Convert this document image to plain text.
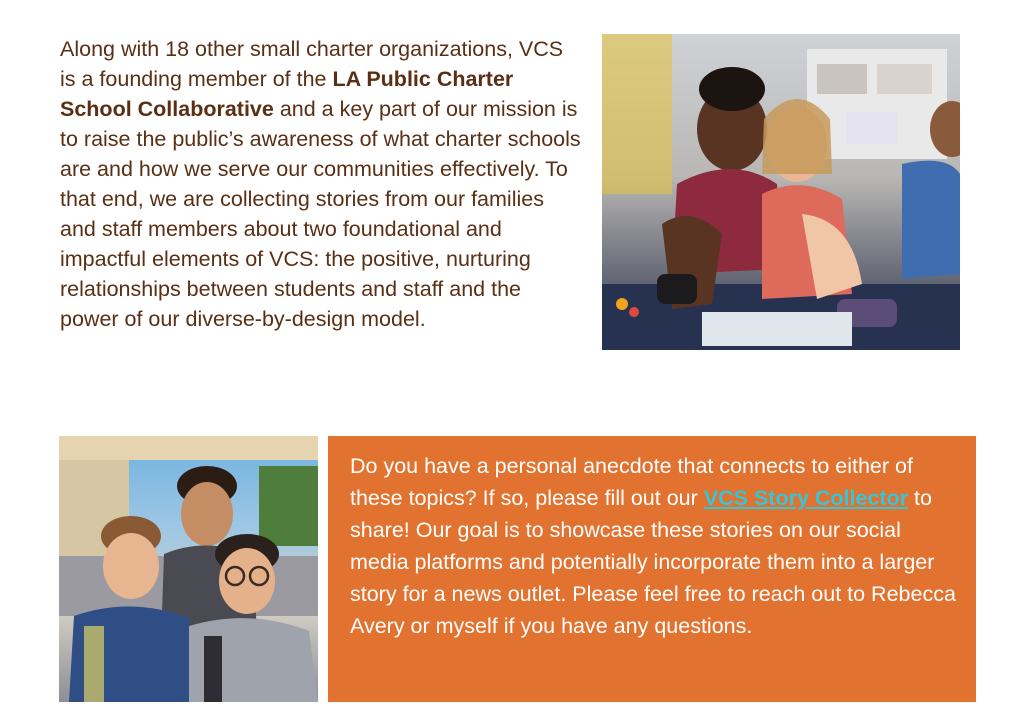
Along with 18 other small charter organizations, VCS is a founding member of the LA Public Charter School Collaborative and a key part of our mission is to raise the public’s awareness of what charter schools are and how we serve our communities effectively. To that end, we are collecting stories from our families and staff members about two foundational and impactful elements of VCS: the positive, nurturing relationships between students and staff and the power of our diverse-by-design model.
Do you have a personal anecdote that connects to either of these topics? If so, please fill out our VCS Story Collector to share! Our goal is to showcase these stories on our social media platforms and potentially incorporate them into a larger story for a news outlet. Please feel free to reach out to Rebecca Avery or myself if you have any questions.
